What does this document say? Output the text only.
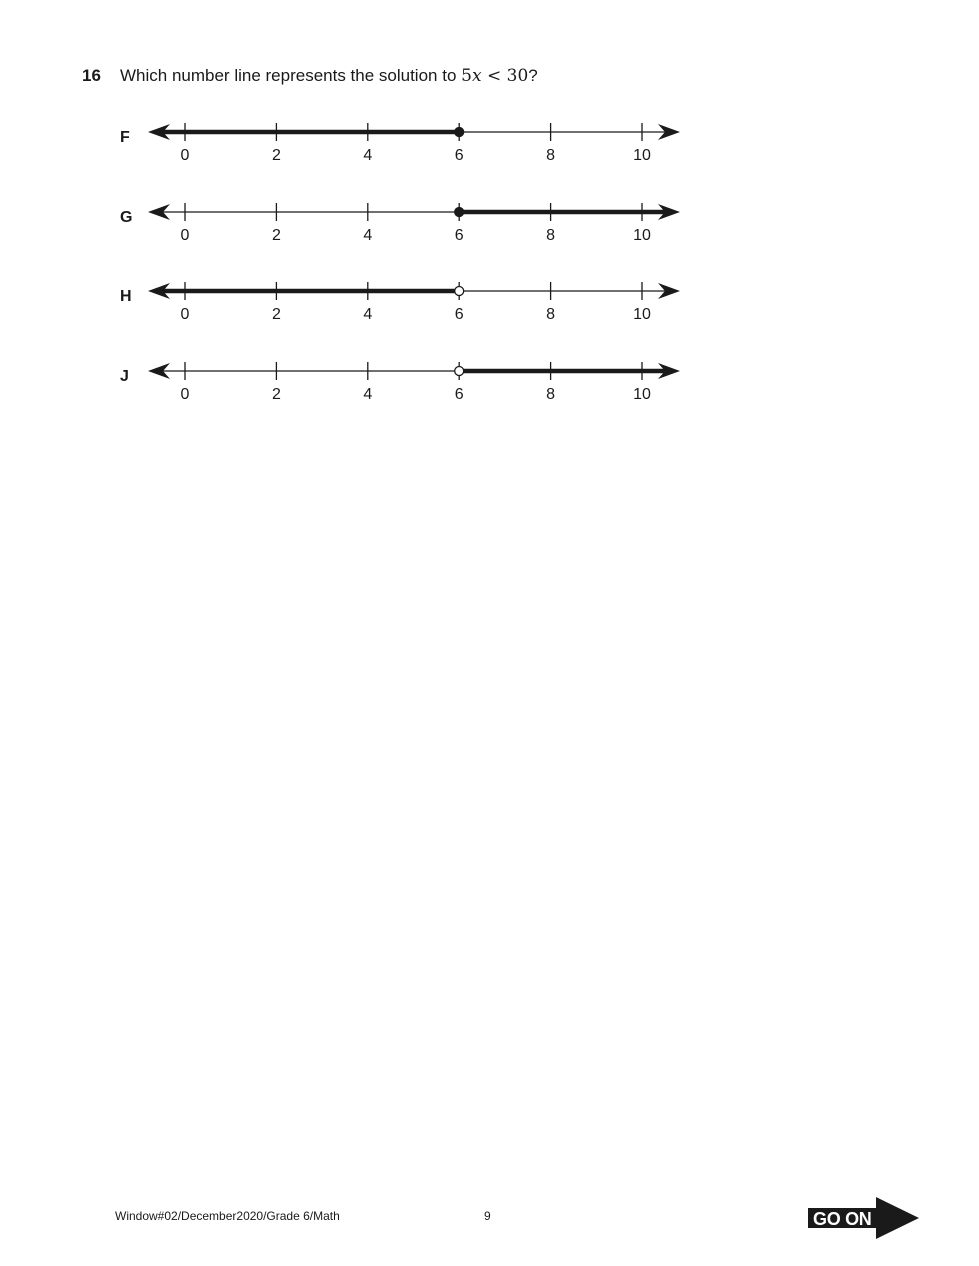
16 Which number line represents the solution to 5x < 30?
F
0	2	4	6	8	10
G
0	2	4	6	8	10
H
0	2	4	6	8	10
J
0	2	4	6	8	10
Window#02/December2020/Grade 6/Math	9	GO ON
